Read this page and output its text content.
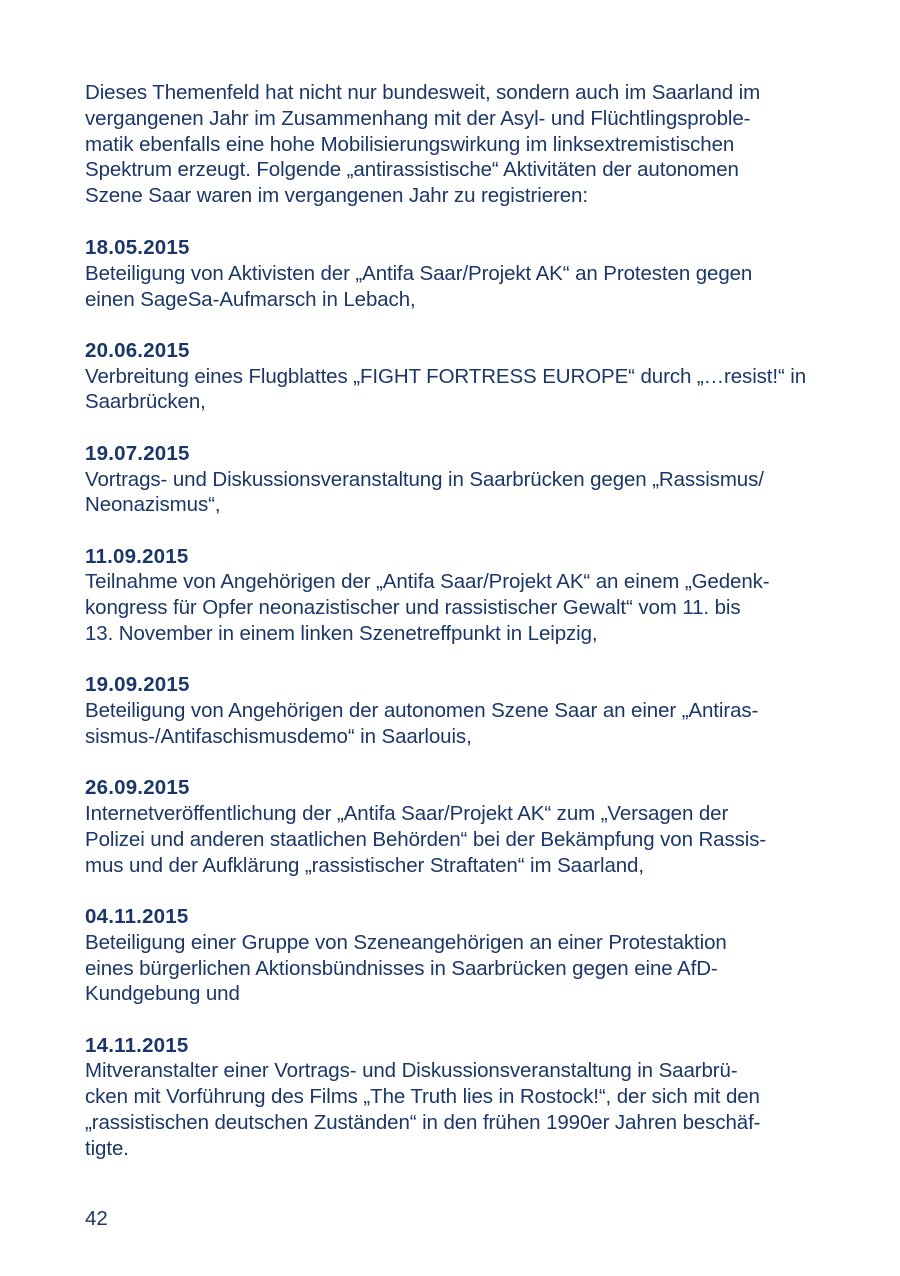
Dieses Themenfeld hat nicht nur bundesweit, sondern auch im Saarland im
vergangenen Jahr im Zusammenhang mit der Asyl- und Flüchtlingsproble-
matik ebenfalls eine hohe Mobilisierungswirkung im linksextremistischen
Spektrum erzeugt. Folgende „antirassistische“ Aktivitäten der autonomen
Szene Saar waren im vergangenen Jahr zu registrieren:
18.05.2015
Beteiligung von Aktivisten der „Antifa Saar/Projekt AK“ an Protesten gegen
einen SageSa-Aufmarsch in Lebach,
20.06.2015
Verbreitung eines Flugblattes „FIGHT FORTRESS EUROPE“ durch „…resist!“ in
Saarbrücken,
19.07.2015
Vortrags- und Diskussionsveranstaltung in Saarbrücken gegen „Rassismus/
Neonazismus“,
11.09.2015
Teilnahme von Angehörigen der „Antifa Saar/Projekt AK“ an einem „Gedenk-
kongress für Opfer neonazistischer und rassistischer Gewalt“ vom 11. bis
13. November in einem linken Szenetreffpunkt in Leipzig,
19.09.2015
Beteiligung von Angehörigen der autonomen Szene Saar an einer „Antiras-
sismus-/Antifaschismusdemo“ in Saarlouis,
26.09.2015
Internetveröffentlichung der „Antifa Saar/Projekt AK“ zum „Versagen der
Polizei und anderen staatlichen Behörden“ bei der Bekämpfung von Rassis-
mus und der Aufklärung „rassistischer Straftaten“ im Saarland,
04.11.2015
Beteiligung einer Gruppe von Szeneangehörigen an einer Protestaktion
eines bürgerlichen Aktionsbündnisses in Saarbrücken gegen eine AfD-
Kundgebung und
14.11.2015
Mitveranstalter einer Vortrags- und Diskussionsveranstaltung in Saarbrü-
cken mit Vorführung des Films „The Truth lies in Rostock!“, der sich mit den
„rassistischen deutschen Zuständen“ in den frühen 1990er Jahren beschäf-
tigte.
42
